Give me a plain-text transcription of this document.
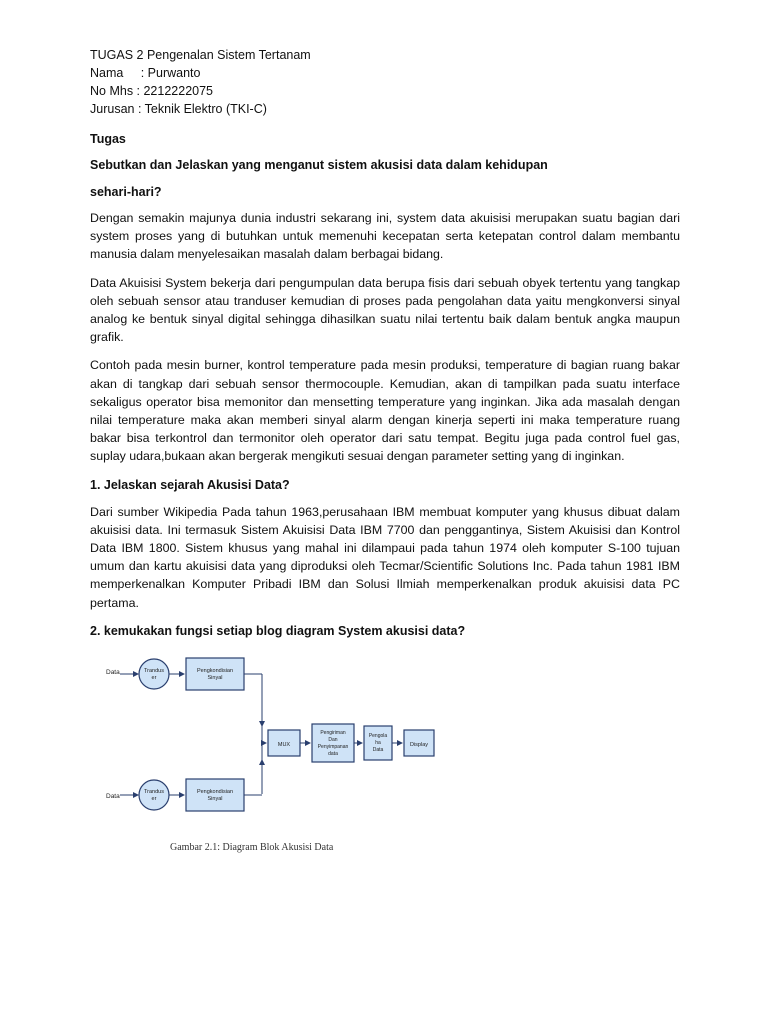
TUGAS 2 Pengenalan Sistem Tertanam

Nama     : Purwanto

No Mhs : 2212222075

Jurusan : Teknik Elektro (TKI-C)

Tugas

Sebutkan dan Jelaskan yang menganut sistem akusisi data dalam kehidupan

sehari-hari?

Dengan semakin majunya dunia industri sekarang ini, system data akuisisi merupakan suatu bagian dari system proses yang di butuhkan untuk memenuhi kecepatan serta ketepatan control dalam membantu manusia dalam menyelesaikan masalah dalam berbagai bidang.

Data Akuisisi System bekerja dari pengumpulan data berupa fisis dari sebuah obyek tertentu yang tangkap oleh sebuah sensor atau tranduser kemudian di proses pada pengolahan data yaitu mengkonversi sinyal analog ke bentuk sinyal digital sehingga dihasilkan suatu nilai tertentu baik dalam bentuk angka maupun grafik.

Contoh pada mesin burner, kontrol temperature pada mesin produksi, temperature di bagian ruang bakar akan di tangkap dari sebuah sensor thermocouple. Kemudian, akan di tampilkan pada suatu interface sekaligus operator bisa memonitor dan mensetting temperature yang inginkan. Jika ada masalah dengan nilai temperature maka akan memberi sinyal alarm dengan kinerja seperti ini maka temperature ruang bakar bisa terkontrol dan termonitor oleh operator dari satu tempat. Begitu juga pada control fuel gas, suplay udara,bukaan akan bergerak mengikuti sesuai dengan parameter setting yang di inginkan.

1. Jelaskan sejarah Akusisi Data?

Dari sumber Wikipedia Pada tahun 1963,perusahaan IBM membuat komputer yang khusus dibuat dalam akuisisi data. Ini termasuk Sistem Akuisisi Data IBM 7700 dan penggantinya, Sistem Akuisisi dan Kontrol Data IBM 1800. Sistem khusus yang mahal ini dilampaui pada tahun 1974 oleh komputer S-100 tujuan umum dan kartu akuisisi data yang diproduksi oleh Tecmar/Scientific Solutions Inc. Pada tahun 1981 IBM memperkenalkan Komputer Pribadi IBM dan Solusi Ilmiah memperkenalkan produk akuisisi data PC pertama.

2. kemukakan fungsi setiap blog diagram System akusisi data?

Data	Trandus
er
Pengkondisian
Sinyal
MUX
Pengiriman
Dan
Penyimpanan
data
Pengola
ha
Data
Display
Data
Trandus
er
Pengkondisian
Sinyal
Gambar 2.1: Diagram Blok Akusisi Data
